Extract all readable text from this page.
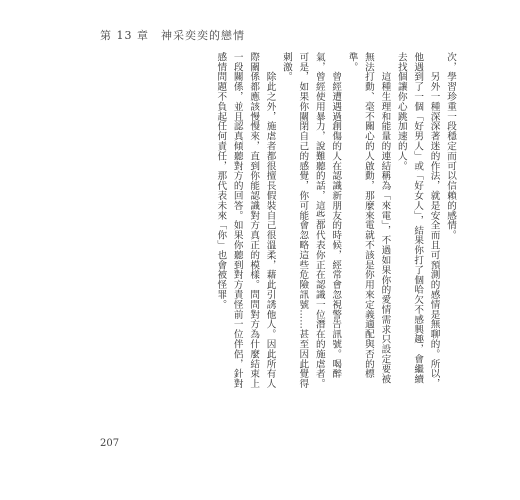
第 13 章　神采奕奕的戀情

次，學習珍重一段穩定而可以信賴的感情。

　　另外一種深深著迷的作法，就是安全而且可預測的感情是無聊的。所以，他遇到了一個「好男人」或「好女人」，結果你打了個哈欠不感興趣，會繼續去找個讓你心跳加速的人。

　　這種生理和能量的連結稱為「來電」，不過如果你的愛情需求只設定要被無法打動、毫不關心的人啟動，那麼來電就不該是你用來定義適配與否的標準。

　　曾經遭遇過創傷的人在認識新朋友的時候，經常會忽視警告訊號。喝醉氣，曾經使用暴力，說難聽的話，這些都代表你正在認識一位潛在的施虐者。可是，如果你關閉自己的感覺，你可能會忽略這些危險訊號……甚至因此覺得刺激。

　　除此之外，施虐者都很擅長假裝自己很溫柔，藉此引誘他人。因此所有人際關係都應該慢慢來，直到你能認識對方真正的模樣。問問對方為什麼結束上一段關係，並且認真傾聽對方的回答。如果你聽到對方責怪前一位伴侶，針對感情問題不負起任何責任，那代表未來「你」也會被怪罪。

207
